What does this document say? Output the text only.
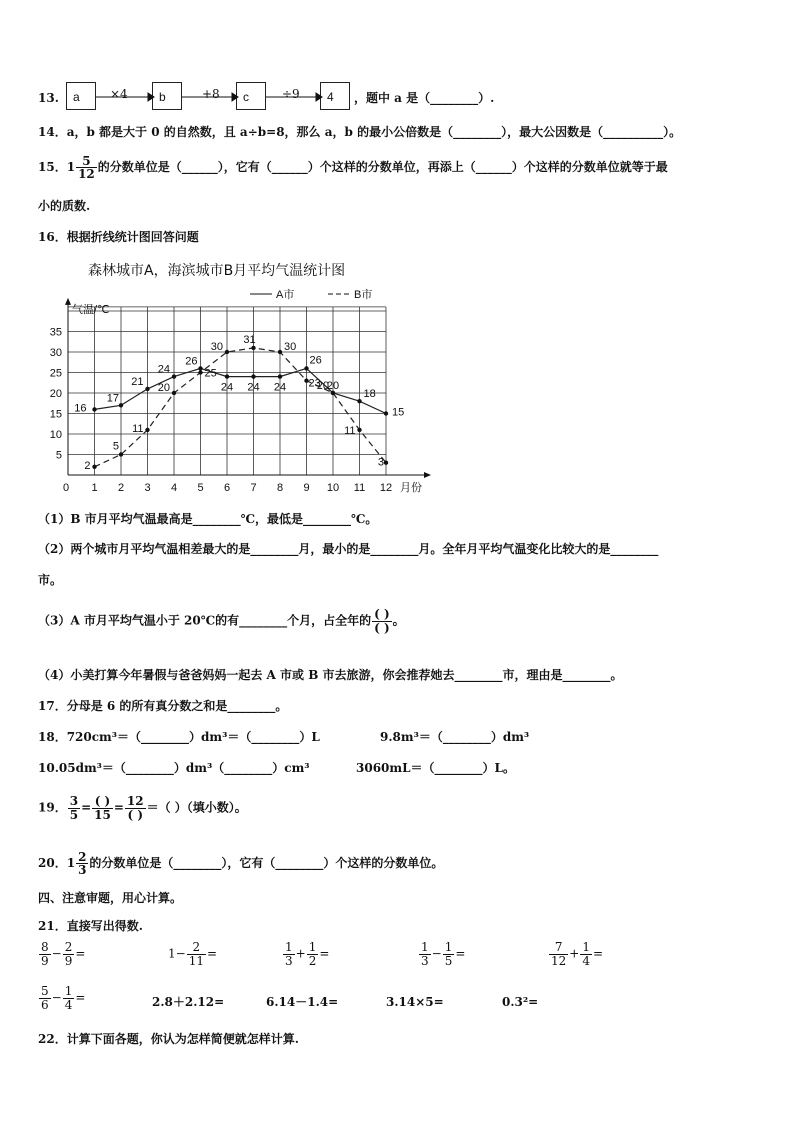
13.	a	b	c	4
×4	+8	÷9	，题中 a 是（________）.
14．a，b 都是大于 0 的自然数，且 a÷b=8，那么 a，b 的最小公倍数是（________），最大公因数是（__________）。
15．$1 \frac{5}{12}$ 的分数单位是（______），它有（______）个这样的分数单位，再添上（______）个这样的分数单位就等于最
小的质数.
16．根据折线统计图回答问题
森林城市A，海滨城市B月平均气温统计图
5
10
15
20
25
30
35
0 1 2 3 4 5 6 7 8 9 10 11 12 月份
气温/℃
A市	B市
16
17
21
24
26
24 24 24
26
20
18
15
2
5
11
20
25
30
31
30
23 20
11
3
（1）B 市月平均气温最高是________℃，最低是________℃。
（2）两个城市月平均气温相差最大的是________月，最小的是________月。全年月平均气温变化比较大的是________
市。
（3）A 市月平均气温小于 20℃的有________个月，占全年的 $\frac{( )}{( )}$ 。
（4）小美打算今年暑假与爸爸妈妈一起去 A 市或 B 市去旅游，你会推荐她去________市，理由是________。
17．分母是 6 的所有真分数之和是________。
18．720cm³＝（________）dm³＝（________）L	9.8m³＝（________）dm³
10.05dm³＝（________）dm³（________）cm³	3060mL＝（________）L。
19． $\frac{3}{5} = \frac{( )}{15} = \frac{12}{( )}$ ＝（ ）（填小数）。
20．$1 \frac{2}{3}$ 的分数单位是（________），它有（________）个这样的分数单位。
四、注意审题，用心计算。
21．直接写出得数.
$\frac{8}{9} - \frac{2}{9}$ =	$1- \frac{2}{11}$ =	$\frac{1}{3} + \frac{1}{2}$ =	$\frac{1}{3} - \frac{1}{5}$ =	$\frac{7}{12} + \frac{1}{4}$ =
$\frac{5}{6} - \frac{1}{4}$ =	2.8＋2.12=	6.14－1.4=	3.14×5=	0.3²=
22．计算下面各题，你认为怎样简便就怎样计算.
